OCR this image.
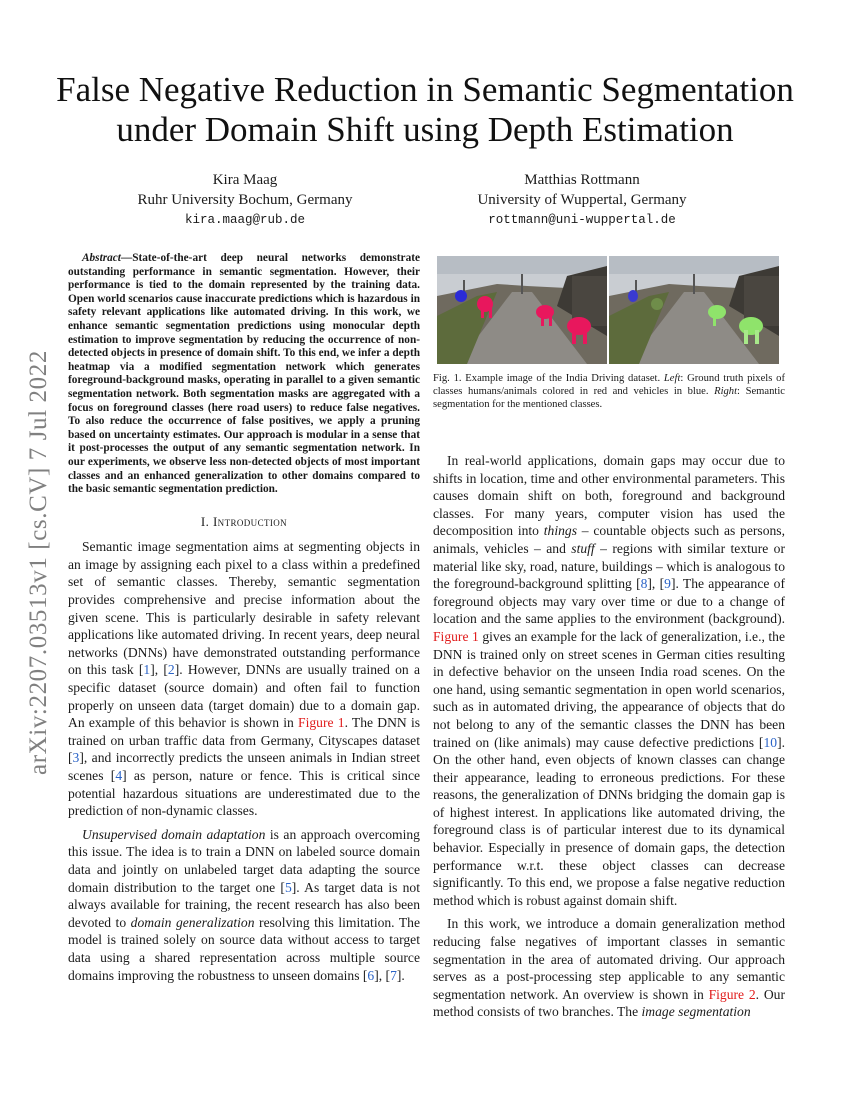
arXiv:2207.03513v1 [cs.CV] 7 Jul 2022
False Negative Reduction in Semantic Segmentation under Domain Shift using Depth Estimation
Kira Maag
Ruhr University Bochum, Germany
kira.maag@rub.de
Matthias Rottmann
University of Wuppertal, Germany
rottmann@uni-wuppertal.de

Abstract—State-of-the-art deep neural networks demonstrate outstanding performance in semantic segmentation. However, their performance is tied to the domain represented by the training data. Open world scenarios cause inaccurate predictions which is hazardous in safety relevant applications like automated driving. In this work, we enhance semantic segmentation predictions using monocular depth estimation to improve segmentation by reducing the occurrence of non-detected objects in presence of domain shift. To this end, we infer a depth heatmap via a modified segmentation network which generates foreground-background masks, operating in parallel to a given semantic segmentation network. Both segmentation masks are aggregated with a focus on foreground classes (here road users) to reduce false negatives. To also reduce the occurrence of false positives, we apply a pruning based on uncertainty estimates. Our approach is modular in a sense that it post-processes the output of any semantic segmentation network. In our experiments, we observe less non-detected objects of most important classes and an enhanced generalization to other domains compared to the basic semantic segmentation prediction.

I. Introduction

Semantic image segmentation aims at segmenting objects in an image by assigning each pixel to a class within a predefined set of semantic classes. Thereby, semantic segmentation provides comprehensive and precise information about the given scene. This is particularly desirable in safety relevant applications like automated driving. In recent years, deep neural networks (DNNs) have demonstrated outstanding performance on this task [1], [2]. However, DNNs are usually trained on a specific dataset (source domain) and often fail to function properly on unseen data (target domain) due to a domain gap. An example of this behavior is shown in Figure 1. The DNN is trained on urban traffic data from Germany, Cityscapes dataset [3], and incorrectly predicts the unseen animals in Indian street scenes [4] as person, nature or fence. This is critical since potential hazardous situations are underestimated due to the prediction of non-dynamic classes.

Unsupervised domain adaptation is an approach overcoming this issue. The idea is to train a DNN on labeled source domain data and jointly on unlabeled target data adapting the source domain distribution to the target one [5]. As target data is not always available for training, the recent research has also been devoted to domain generalization resolving this limitation. The model is trained solely on source data without access to target data using a shared representation across multiple source domains improving the robustness to unseen domains [6], [7].

Fig. 1. Example image of the India Driving dataset. Left: Ground truth pixels of classes humans/animals colored in red and vehicles in blue. Right: Semantic segmentation for the mentioned classes.

In real-world applications, domain gaps may occur due to shifts in location, time and other environmental parameters. This causes domain shift on both, foreground and background classes. For many years, computer vision has used the decomposition into things – countable objects such as persons, animals, vehicles – and stuff – regions with similar texture or material like sky, road, nature, buildings – which is analogous to the foreground-background splitting [8], [9]. The appearance of foreground objects may vary over time or due to a change of location and the same applies to the environment (background). Figure 1 gives an example for the lack of generalization, i.e., the DNN is trained only on street scenes in German cities resulting in defective behavior on the unseen India road scenes. On the one hand, using semantic segmentation in open world scenarios, such as in automated driving, the appearance of objects that do not belong to any of the semantic classes the DNN has been trained on (like animals) may cause defective predictions [10]. On the other hand, even objects of known classes can change their appearance, leading to erroneous predictions. For these reasons, the generalization of DNNs bridging the domain gap is of highest interest. In applications like automated driving, the foreground class is of particular interest due to its dynamical behavior. Especially in presence of domain gaps, the detection performance w.r.t. these object classes can decrease significantly. To this end, we propose a false negative reduction method which is robust against domain shift.

In this work, we introduce a domain generalization method reducing false negatives of important classes in semantic segmentation in the area of automated driving. Our approach serves as a post-processing step applicable to any semantic segmentation network. An overview is shown in Figure 2. Our method consists of two branches. The image segmentation
